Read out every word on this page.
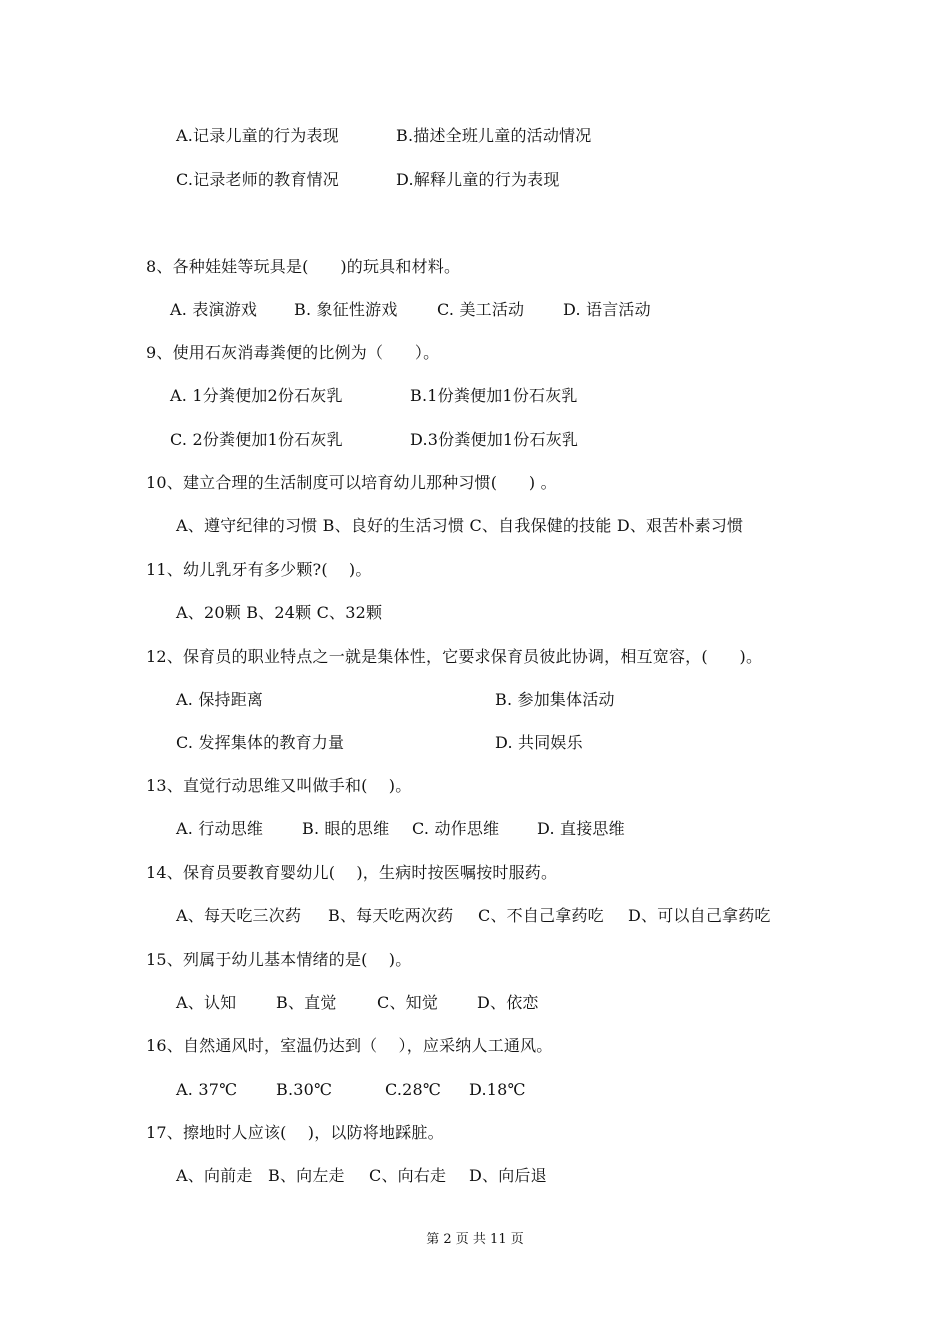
A.记录儿童的行为表现	B.描述全班儿童的活动情况
C.记录老师的教育情况	D.解释儿童的行为表现
8、各种娃娃等玩具是(      )的玩具和材料。
A. 表演游戏 B. 象征性游戏 C. 美工活动 D. 语言活动
9、使用石灰消毒粪便的比例为（      ）。
A. 1分粪便加2份石灰乳	B.1份粪便加1份石灰乳
C. 2份粪便加1份石灰乳	D.3份粪便加1份石灰乳
10、建立合理的生活制度可以培育幼儿那种习惯(      ) 。
A、遵守纪律的习惯 B、良好的生活习惯 C、自我保健的技能 D、艰苦朴素习惯
11、幼儿乳牙有多少颗?(    )。
A、20颗 B、24颗 C、32颗
12、保育员的职业特点之一就是集体性，它要求保育员彼此协调，相互宽容，(      )。
A. 保持距离	B. 参加集体活动
C. 发挥集体的教育力量	D. 共同娱乐
13、直觉行动思维又叫做手和(    )。
A. 行动思维 B. 眼的思维 C. 动作思维 D. 直接思维
14、保育员要教育婴幼儿(    )，生病时按医嘱按时服药。
A、每天吃三次药 B、每天吃两次药 C、不自己拿药吃 D、可以自己拿药吃
15、列属于幼儿基本情绪的是(    )。
A、认知 B、直觉	C、知觉 D、依恋
16、自然通风时，室温仍达到（    ），应采纳人工通风。
A. 37℃ B.30℃	C.28℃ D.18℃
17、擦地时人应该(    )，以防将地踩脏。
A、向前走 B、向左走 C、向右走 D、向后退
第 2 页 共 11 页
